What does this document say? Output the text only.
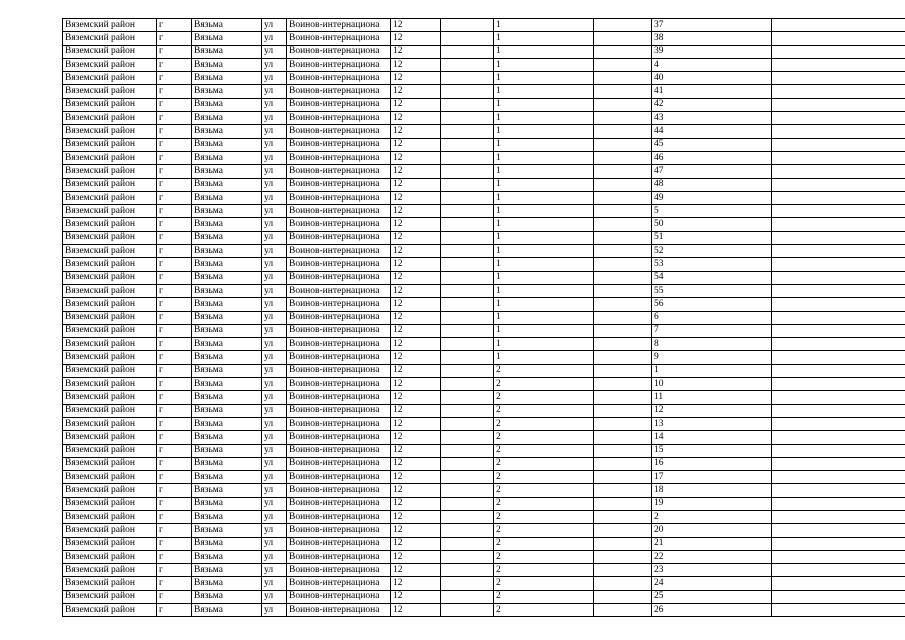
Вяземский район	г	Вязьма	ул	Воинов-интернациона	12		1		37		
Вяземский район	г	Вязьма	ул	Воинов-интернациона	12		1		38		
Вяземский район	г	Вязьма	ул	Воинов-интернациона	12		1		39		
Вяземский район	г	Вязьма	ул	Воинов-интернациона	12		1		4		
Вяземский район	г	Вязьма	ул	Воинов-интернациона	12		1		40		
Вяземский район	г	Вязьма	ул	Воинов-интернациона	12		1		41		
Вяземский район	г	Вязьма	ул	Воинов-интернациона	12		1		42		
Вяземский район	г	Вязьма	ул	Воинов-интернациона	12		1		43		
Вяземский район	г	Вязьма	ул	Воинов-интернациона	12		1		44		
Вяземский район	г	Вязьма	ул	Воинов-интернациона	12		1		45		
Вяземский район	г	Вязьма	ул	Воинов-интернациона	12		1		46		
Вяземский район	г	Вязьма	ул	Воинов-интернациона	12		1		47		
Вяземский район	г	Вязьма	ул	Воинов-интернациона	12		1		48		
Вяземский район	г	Вязьма	ул	Воинов-интернациона	12		1		49		
Вяземский район	г	Вязьма	ул	Воинов-интернациона	12		1		5		
Вяземский район	г	Вязьма	ул	Воинов-интернациона	12		1		50		
Вяземский район	г	Вязьма	ул	Воинов-интернациона	12		1		51		
Вяземский район	г	Вязьма	ул	Воинов-интернациона	12		1		52		
Вяземский район	г	Вязьма	ул	Воинов-интернациона	12		1		53		
Вяземский район	г	Вязьма	ул	Воинов-интернациона	12		1		54		
Вяземский район	г	Вязьма	ул	Воинов-интернациона	12		1		55		
Вяземский район	г	Вязьма	ул	Воинов-интернациона	12		1		56		
Вяземский район	г	Вязьма	ул	Воинов-интернациона	12		1		6		
Вяземский район	г	Вязьма	ул	Воинов-интернациона	12		1		7		
Вяземский район	г	Вязьма	ул	Воинов-интернациона	12		1		8		
Вяземский район	г	Вязьма	ул	Воинов-интернациона	12		1		9		
Вяземский район	г	Вязьма	ул	Воинов-интернациона	12		2		1		
Вяземский район	г	Вязьма	ул	Воинов-интернациона	12		2		10		
Вяземский район	г	Вязьма	ул	Воинов-интернациона	12		2		11		
Вяземский район	г	Вязьма	ул	Воинов-интернациона	12		2		12		
Вяземский район	г	Вязьма	ул	Воинов-интернациона	12		2		13		
Вяземский район	г	Вязьма	ул	Воинов-интернациона	12		2		14		
Вяземский район	г	Вязьма	ул	Воинов-интернациона	12		2		15		
Вяземский район	г	Вязьма	ул	Воинов-интернациона	12		2		16		
Вяземский район	г	Вязьма	ул	Воинов-интернациона	12		2		17		
Вяземский район	г	Вязьма	ул	Воинов-интернациона	12		2		18		
Вяземский район	г	Вязьма	ул	Воинов-интернациона	12		2		19		
Вяземский район	г	Вязьма	ул	Воинов-интернациона	12		2		2		
Вяземский район	г	Вязьма	ул	Воинов-интернациона	12		2		20		
Вяземский район	г	Вязьма	ул	Воинов-интернациона	12		2		21		
Вяземский район	г	Вязьма	ул	Воинов-интернациона	12		2		22		
Вяземский район	г	Вязьма	ул	Воинов-интернациона	12		2		23		
Вяземский район	г	Вязьма	ул	Воинов-интернациона	12		2		24		
Вяземский район	г	Вязьма	ул	Воинов-интернациона	12		2		25		
Вяземский район	г	Вязьма	ул	Воинов-интернациона	12		2		26		
